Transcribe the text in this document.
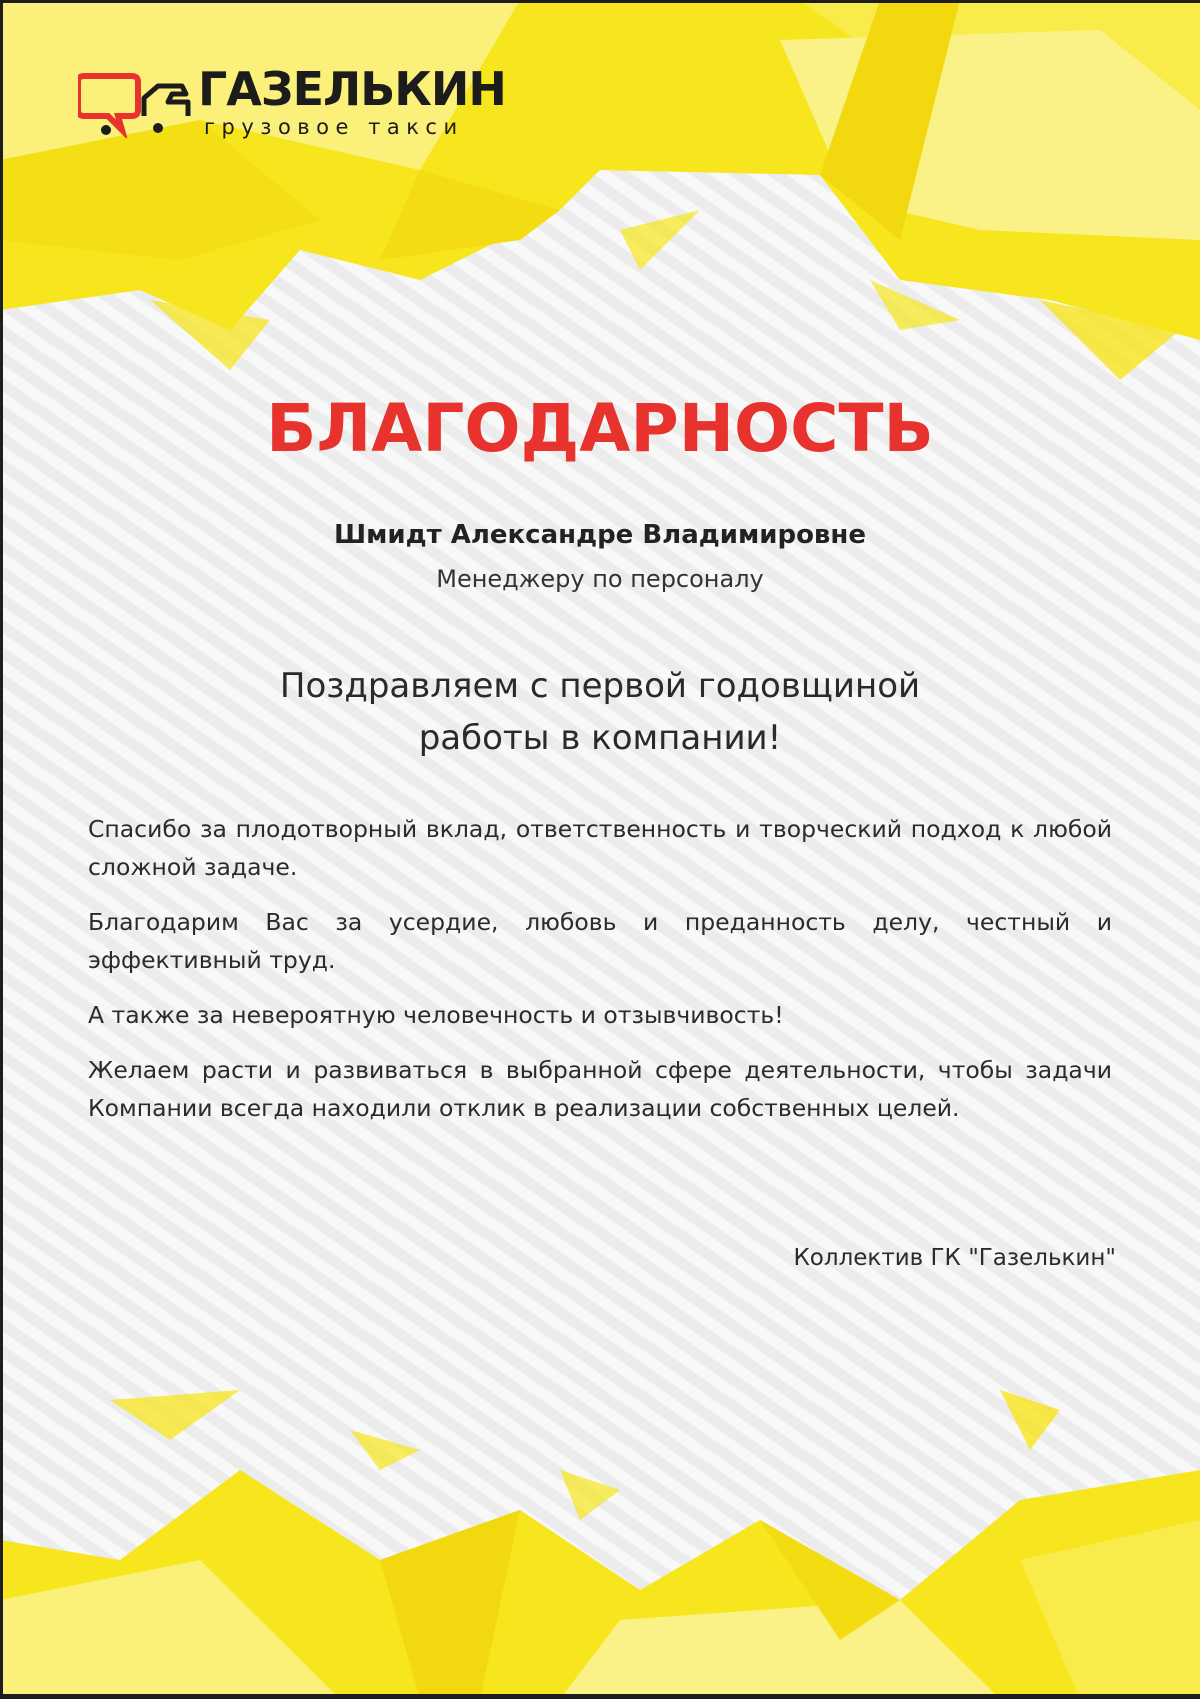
ГАЗЕЛЬКИН
грузовое такси
БЛАГОДАРНОСТЬ
Шмидт Александре Владимировне
Менеджеру по персоналу
Поздравляем с первой годовщиной
работы в компании!

Спасибо за плодотворный вклад, ответственность и творческий подход к любой сложной задаче.

Благодарим Вас за усердие, любовь и преданность делу, честный и эффективный труд.

А также за невероятную человечность и отзывчивость!

Желаем расти и развиваться в выбранной сфере деятельности, чтобы задачи Компании всегда находили отклик в реализации собственных целей.

Коллектив ГК "Газелькин"
